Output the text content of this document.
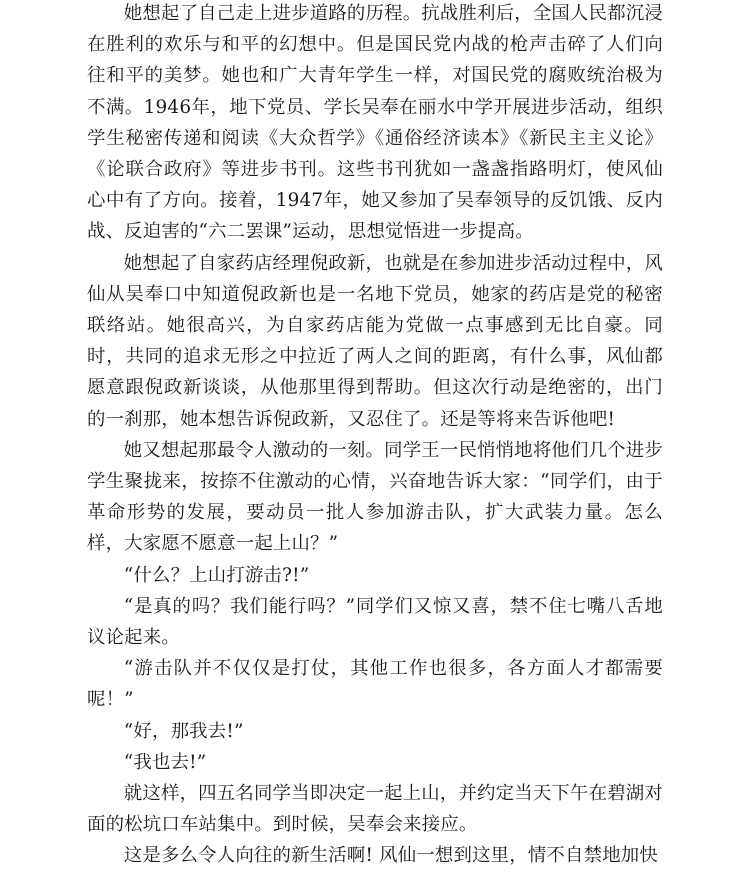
她想起了自己走上进步道路的历程。抗战胜利后，全国人民都沉浸在胜利的欢乐与和平的幻想中。但是国民党内战的枪声击碎了人们向往和平的美梦。她也和广大青年学生一样，对国民党的腐败统治极为不满。1946年，地下党员、学长吴奉在丽水中学开展进步活动，组织学生秘密传递和阅读《大众哲学》《通俗经济读本》《新民主主义论》《论联合政府》等进步书刊。这些书刊犹如一盏盏指路明灯，使风仙心中有了方向。接着，1947年，她又参加了吴奉领导的反饥饿、反内战、反迫害的“六二罢课”运动，思想觉悟进一步提高。

她想起了自家药店经理倪政新，也就是在参加进步活动过程中，风仙从吴奉口中知道倪政新也是一名地下党员，她家的药店是党的秘密联络站。她很高兴，为自家药店能为党做一点事感到无比自豪。同时，共同的追求无形之中拉近了两人之间的距离，有什么事，风仙都愿意跟倪政新谈谈，从他那里得到帮助。但这次行动是绝密的，出门的一刹那，她本想告诉倪政新，又忍住了。还是等将来告诉他吧!

她又想起那最令人激动的一刻。同学王一民悄悄地将他们几个进步学生聚拢来，按捺不住激动的心情，兴奋地告诉大家：“同学们，由于革命形势的发展，要动员一批人参加游击队，扩大武装力量。怎么样，大家愿不愿意一起上山？”

“什么？上山打游击?!”

“是真的吗？我们能行吗？”同学们又惊又喜，禁不住七嘴八舌地议论起来。

“游击队并不仅仅是打仗，其他工作也很多，各方面人才都需要呢！”

“好，那我去!”

“我也去!”

就这样，四五名同学当即决定一起上山，并约定当天下午在碧湖对面的松坑口车站集中。到时候，吴奉会来接应。

这是多么令人向往的新生活啊! 风仙一想到这里，情不自禁地加快
